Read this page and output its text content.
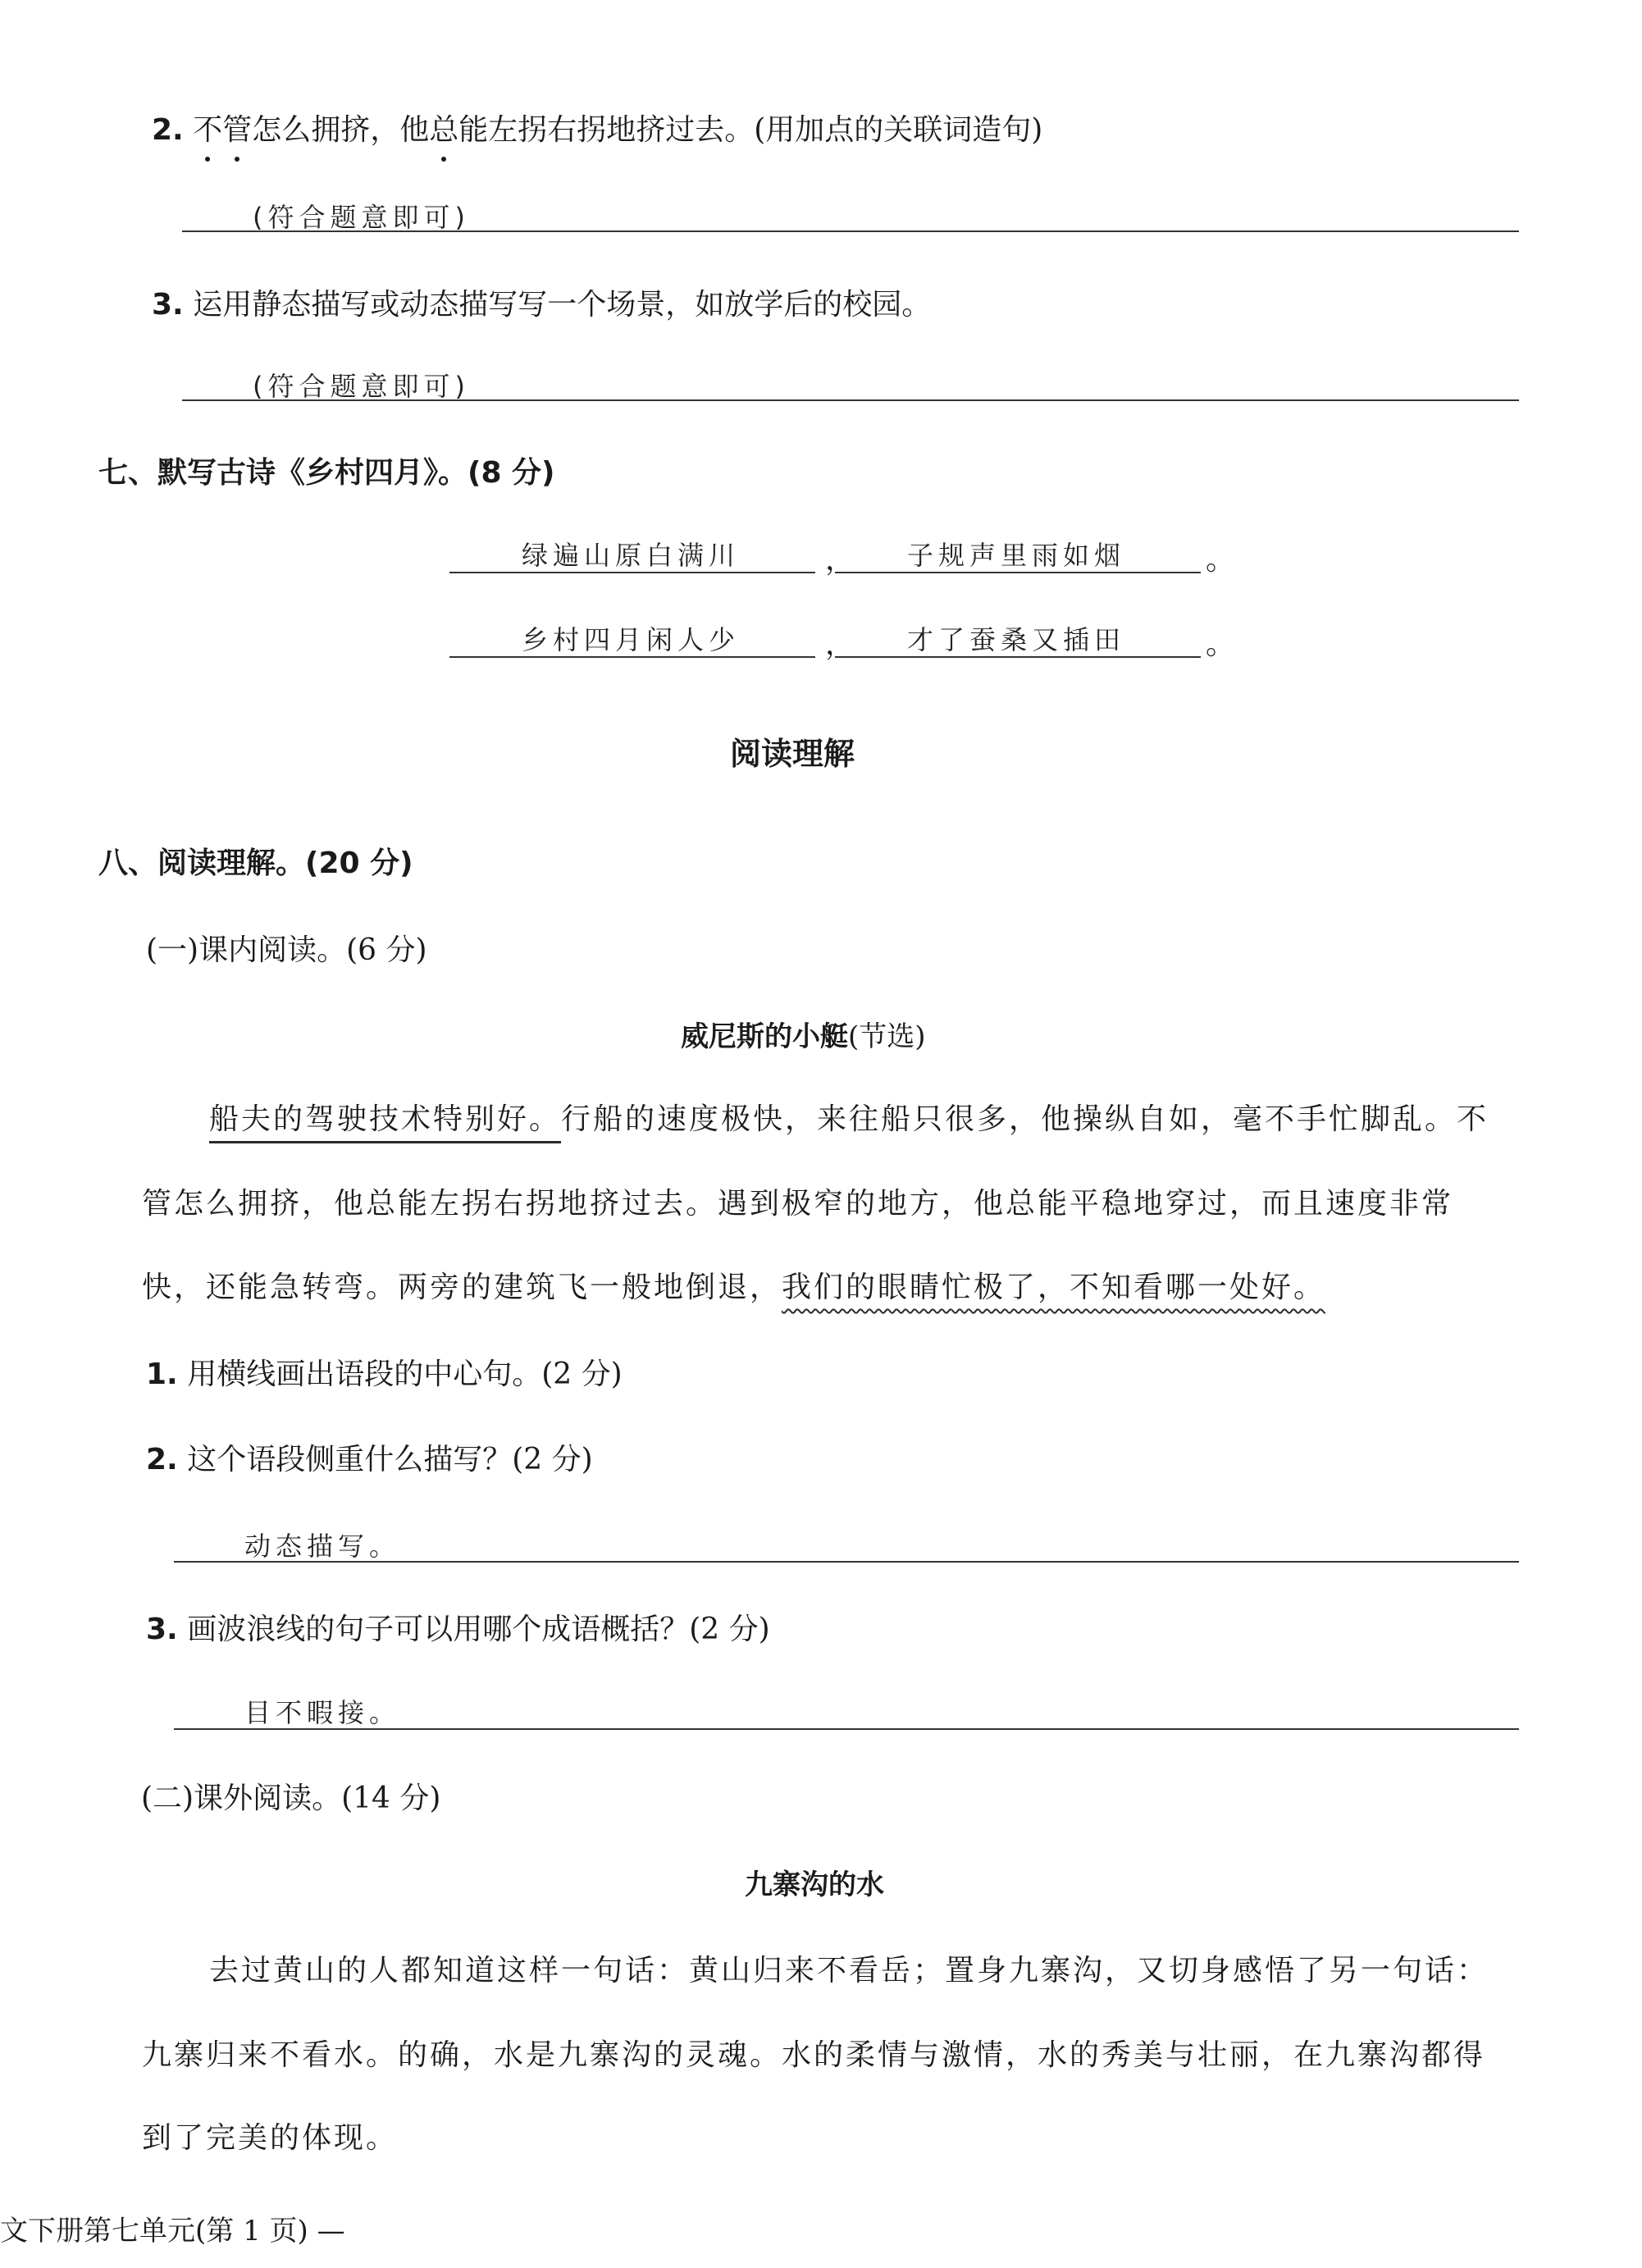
2. 不管怎么拥挤，他总能左拐右拐地挤过去。(用加点的关联词造句)
(符合题意即可)
3. 运用静态描写或动态描写写一个场景，如放学后的校园。
(符合题意即可)
七、默写古诗《乡村四月》。(8 分)
绿遍山原白满川	， 子规声里雨如烟	。
乡村四月闲人少	， 才了蚕桑又插田	。
阅读理解
八、阅读理解。(20 分)
(一)课内阅读。(6 分)
威尼斯的小艇(节选)
船夫的驾驶技术特别好。行船的速度极快，来往船只很多，他操纵自如，毫不手忙脚乱。不
管怎么拥挤，他总能左拐右拐地挤过去。遇到极窄的地方，他总能平稳地穿过，而且速度非常
快，还能急转弯。两旁的建筑飞一般地倒退，我们的眼睛忙极了，不知看哪一处好。
1. 用横线画出语段的中心句。(2 分)
2. 这个语段侧重什么描写？(2 分)
动态描写。
3. 画波浪线的句子可以用哪个成语概括？(2 分)
目不暇接。
(二)课外阅读。(14 分)
九寨沟的水
去过黄山的人都知道这样一句话：黄山归来不看岳；置身九寨沟，又切身感悟了另一句话：
九寨归来不看水。的确，水是九寨沟的灵魂。水的柔情与激情，水的秀美与壮丽，在九寨沟都得
到了完美的体现。
文下册第七单元(第 1 页) —
